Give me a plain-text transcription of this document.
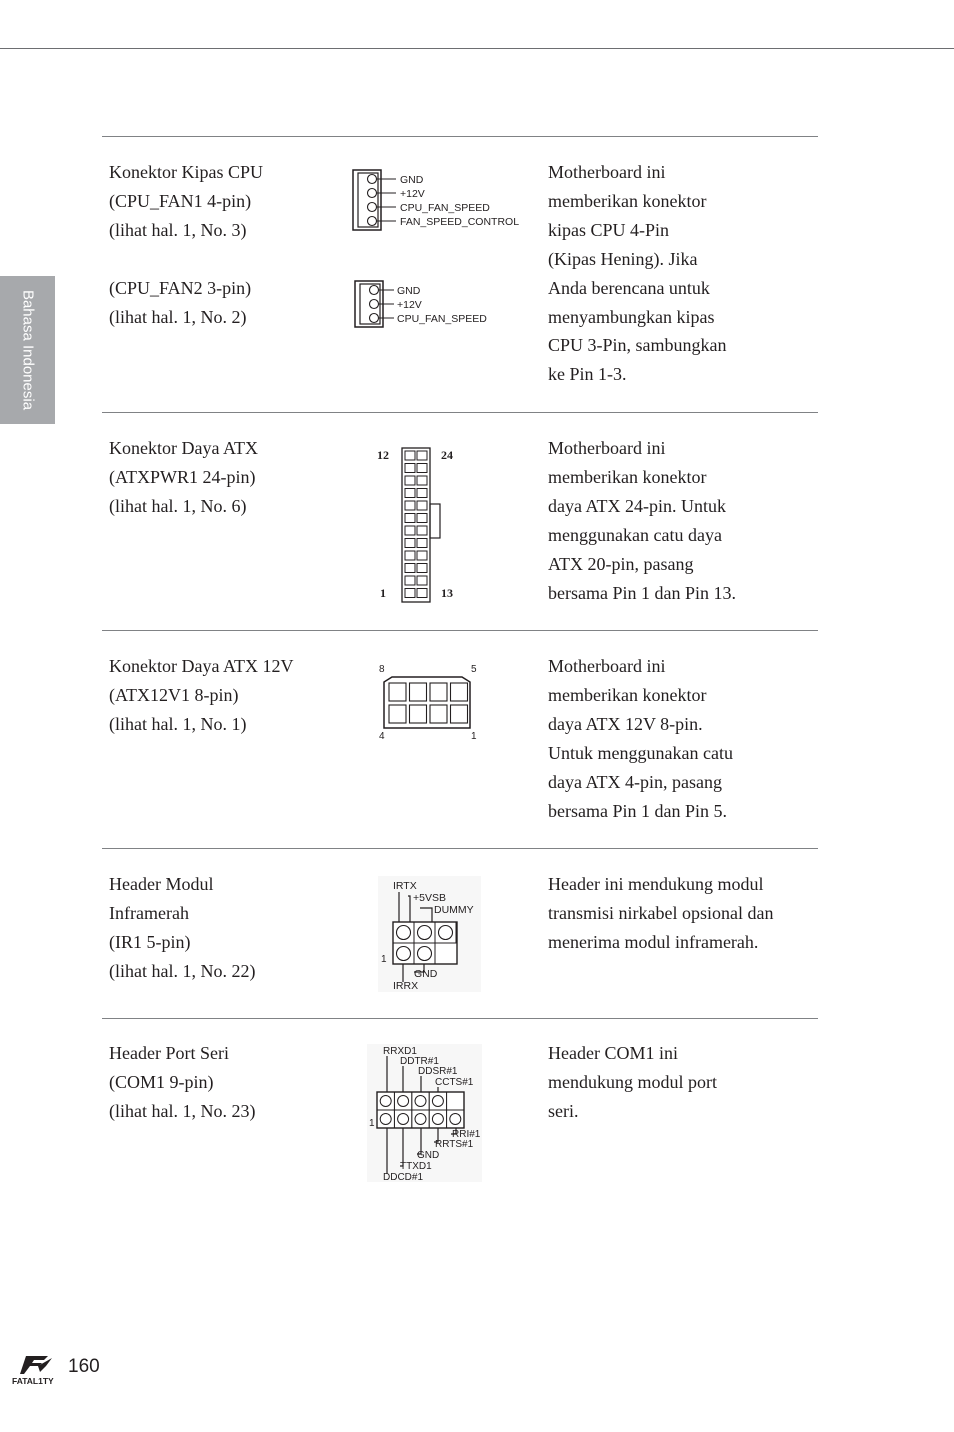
Bahasa Indonesia
Konektor Kipas CPU
(CPU_FAN1 4-pin)
(lihat hal. 1, No. 3)

(CPU_FAN2 3-pin)
(lihat hal. 1, No. 2)
Motherboard ini
memberikan konektor
kipas CPU 4-Pin
(Kipas Hening). Jika
Anda berencana untuk
menyambungkan kipas
CPU 3-Pin, sambungkan
ke Pin 1-3.
GND
+12V
CPU_FAN_SPEED
FAN_SPEED_CONTROL
GND
+12V
CPU_FAN_SPEED
Konektor Daya ATX
(ATXPWR1 24-pin)
(lihat hal. 1, No. 6)
Motherboard ini
memberikan konektor
daya ATX 24-pin. Untuk
menggunakan catu daya
ATX 20-pin, pasang
bersama Pin 1 dan Pin 13.
12	24
1	13
Konektor Daya ATX 12V
(ATX12V1 8-pin)
(lihat hal. 1, No. 1)
Motherboard ini
memberikan konektor
daya ATX 12V 8-pin.
Untuk menggunakan catu
daya ATX 4-pin, pasang
bersama Pin 1 dan Pin 5.
8	5
4	1
Header Modul
Inframerah
(IR1 5-pin)
(lihat hal. 1, No. 22)
Header ini mendukung modul
transmisi nirkabel opsional dan
menerima modul inframerah.
IRTX
+5VSB
DUMMY
1
GND
IRRX
Header Port Seri
(COM1 9-pin)
(lihat hal. 1, No. 23)
Header COM1 ini
mendukung modul port
seri.
RRXD1
DDTR#1
DDSR#1
CCTS#1
1
RRI#1
RRTS#1
GND
TTXD1
DDCD#1
FATAL1TY
160
